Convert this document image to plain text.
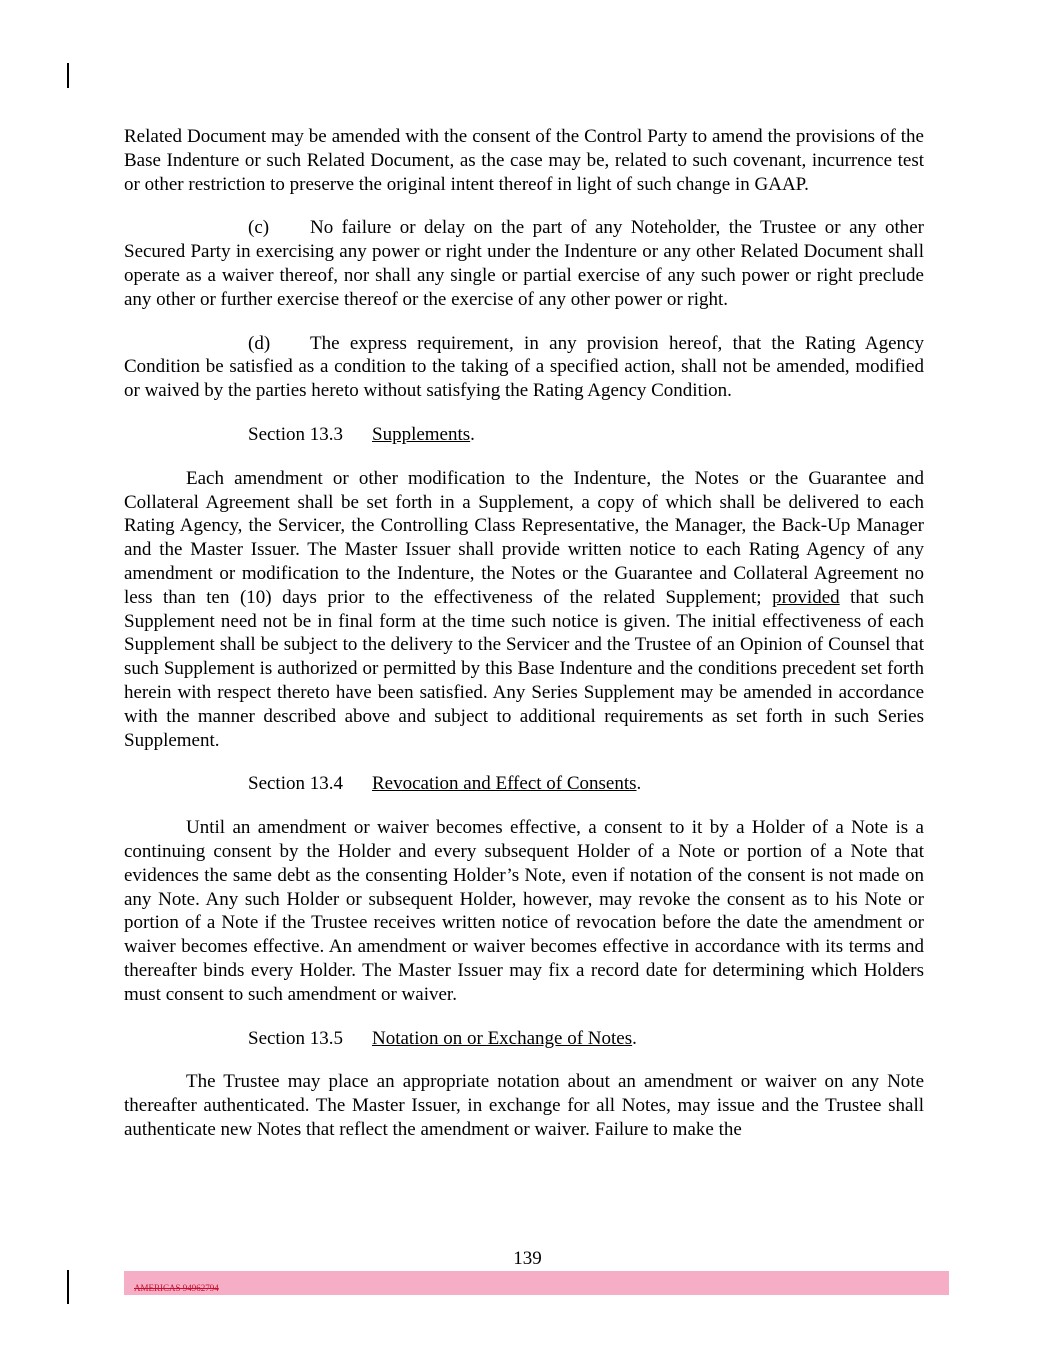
Related Document may be amended with the consent of the Control Party to amend the provisions of the Base Indenture or such Related Document, as the case may be, related to such covenant, incurrence test or other restriction to preserve the original intent thereof in light of such change in GAAP.

(c) No failure or delay on the part of any Noteholder, the Trustee or any other Secured Party in exercising any power or right under the Indenture or any other Related Document shall operate as a waiver thereof, nor shall any single or partial exercise of any such power or right preclude any other or further exercise thereof or the exercise of any other power or right.

(d) The express requirement, in any provision hereof, that the Rating Agency Condition be satisfied as a condition to the taking of a specified action, shall not be amended, modified or waived by the parties hereto without satisfying the Rating Agency Condition.

Section 13.3 Supplements.

Each amendment or other modification to the Indenture, the Notes or the Guarantee and Collateral Agreement shall be set forth in a Supplement, a copy of which shall be delivered to each Rating Agency, the Servicer, the Controlling Class Representative, the Manager, the Back-Up Manager and the Master Issuer. The Master Issuer shall provide written notice to each Rating Agency of any amendment or modification to the Indenture, the Notes or the Guarantee and Collateral Agreement no less than ten (10) days prior to the effectiveness of the related Supplement; provided that such Supplement need not be in final form at the time such notice is given. The initial effectiveness of each Supplement shall be subject to the delivery to the Servicer and the Trustee of an Opinion of Counsel that such Supplement is authorized or permitted by this Base Indenture and the conditions precedent set forth herein with respect thereto have been satisfied. Any Series Supplement may be amended in accordance with the manner described above and subject to additional requirements as set forth in such Series Supplement.

Section 13.4 Revocation and Effect of Consents.

Until an amendment or waiver becomes effective, a consent to it by a Holder of a Note is a continuing consent by the Holder and every subsequent Holder of a Note or portion of a Note that evidences the same debt as the consenting Holder’s Note, even if notation of the consent is not made on any Note. Any such Holder or subsequent Holder, however, may revoke the consent as to his Note or portion of a Note if the Trustee receives written notice of revocation before the date the amendment or waiver becomes effective. An amendment or waiver becomes effective in accordance with its terms and thereafter binds every Holder. The Master Issuer may fix a record date for determining which Holders must consent to such amendment or waiver.

Section 13.5 Notation on or Exchange of Notes.

The Trustee may place an appropriate notation about an amendment or waiver on any Note thereafter authenticated. The Master Issuer, in exchange for all Notes, may issue and the Trustee shall authenticate new Notes that reflect the amendment or waiver. Failure to make the

139
AMERICAS 94962794
